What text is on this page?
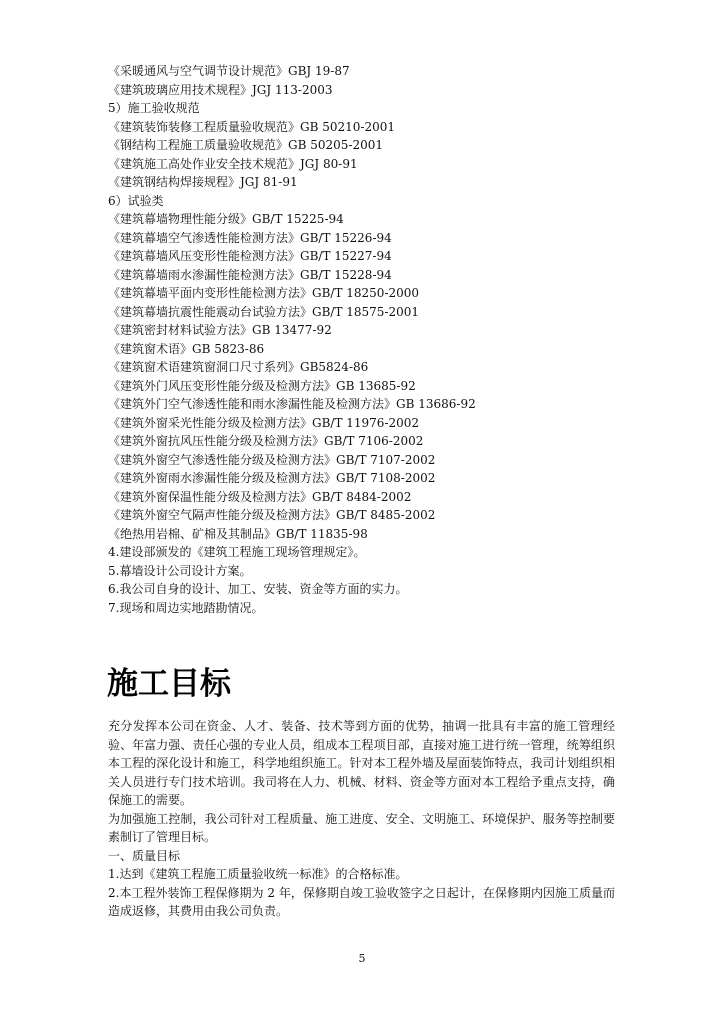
《采暖通风与空气调节设计规范》GBJ 19-87
《建筑玻璃应用技术规程》JGJ 113-2003
5）施工验收规范
《建筑装饰装修工程质量验收规范》GB 50210-2001
《钢结构工程施工质量验收规范》GB 50205-2001
《建筑施工高处作业安全技术规范》JGJ 80-91
《建筑钢结构焊接规程》JGJ 81-91
6）试验类
《建筑幕墙物理性能分级》GB/T 15225-94
《建筑幕墙空气渗透性能检测方法》GB/T 15226-94
《建筑幕墙风压变形性能检测方法》GB/T 15227-94
《建筑幕墙雨水渗漏性能检测方法》GB/T 15228-94
《建筑幕墙平面内变形性能检测方法》GB/T 18250-2000
《建筑幕墙抗震性能震动台试验方法》GB/T 18575-2001
《建筑密封材料试验方法》GB 13477-92
《建筑窗术语》GB 5823-86
《建筑窗术语建筑窗洞口尺寸系列》GB5824-86
《建筑外门风压变形性能分级及检测方法》GB 13685-92
《建筑外门空气渗透性能和雨水渗漏性能及检测方法》GB 13686-92
《建筑外窗采光性能分级及检测方法》GB/T 11976-2002
《建筑外窗抗风压性能分级及检测方法》GB/T 7106-2002
《建筑外窗空气渗透性能分级及检测方法》GB/T 7107-2002
《建筑外窗雨水渗漏性能分级及检测方法》GB/T 7108-2002
《建筑外窗保温性能分级及检测方法》GB/T 8484-2002
《建筑外窗空气隔声性能分级及检测方法》GB/T 8485-2002
《绝热用岩棉、矿棉及其制品》GB/T 11835-98
4.建设部颁发的《建筑工程施工现场管理规定》。
5.幕墙设计公司设计方案。
6.我公司自身的设计、加工、安装、资金等方面的实力。
7.现场和周边实地踏勘情况。
施工目标

充分发挥本公司在资金、人才、装备、技术等到方面的优势，抽调一批具有丰富的施工管理经验、年富力强、责任心强的专业人员，组成本工程项目部，直接对施工进行统一管理，统筹组织本工程的深化设计和施工，科学地组织施工。针对本工程外墙及屋面装饰特点，我司计划组织相关人员进行专门技术培训。我司将在人力、机械、材料、资金等方面对本工程给予重点支持，确保施工的需要。

为加强施工控制，我公司针对工程质量、施工进度、安全、文明施工、环境保护、服务等控制要素制订了管理目标。

一、质量目标

1.达到《建筑工程施工质量验收统一标准》的合格标准。

2.本工程外装饰工程保修期为 2 年，保修期自竣工验收签字之日起计，在保修期内因施工质量而造成返修，其费用由我公司负责。

5
